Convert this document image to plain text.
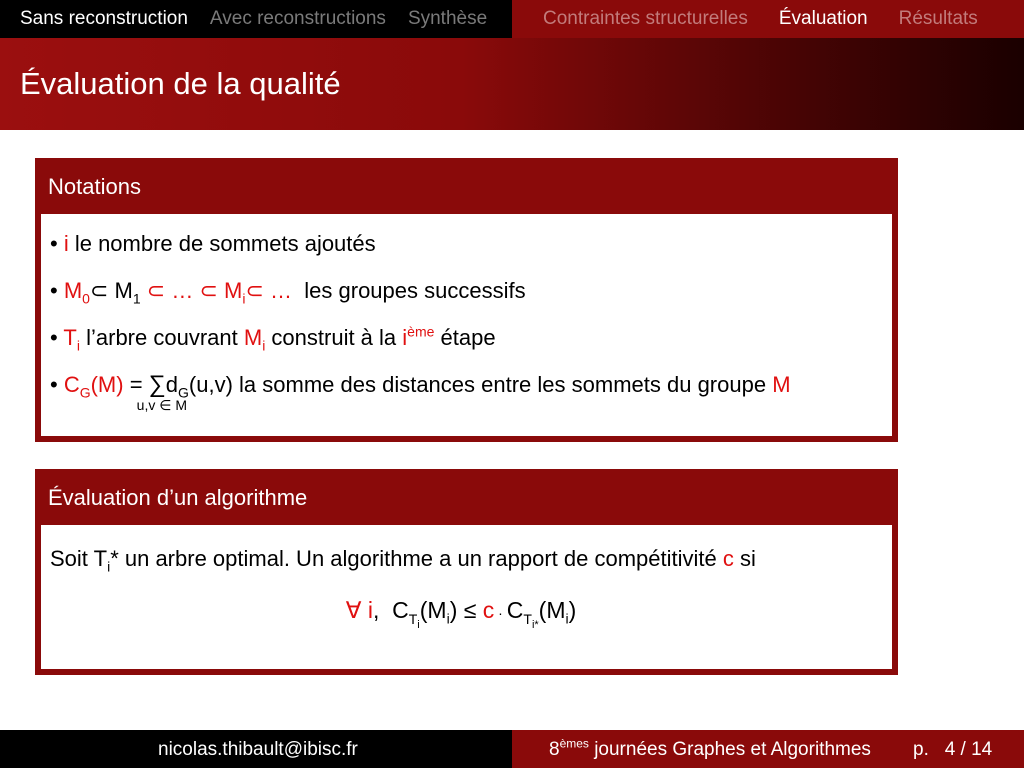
Sans reconstruction Avec reconstructions Synthèse	Contraintes structurelles Évaluation Résultats
Évaluation de la qualité
Notations
• i le nombre de sommets ajoutés
• $M_0\subset$ $M_1$ ⊂ … ⊂ $M_i\subset$ … les groupes successifs
• $T_i$ l’arbre couvrant $M_i$ construit à la $i^{ème}$ étape
• $C_G(M)$ = ∑
u,v ∈ M
$d_G(u,v)$ la somme des distances entre les sommets du groupe M
Évaluation d’un algorithme
Soit $T_i*$ un arbre optimal. Un algorithme a un rapport de compétitivité c si
∀ i,  $C_{T_i}(M_i) \le c \cdot C_{T_{i*}}(M_i)$
nicolas.thibault@ibisc.fr	8èmes journées Graphes et Algorithmes p. 4 / 14
